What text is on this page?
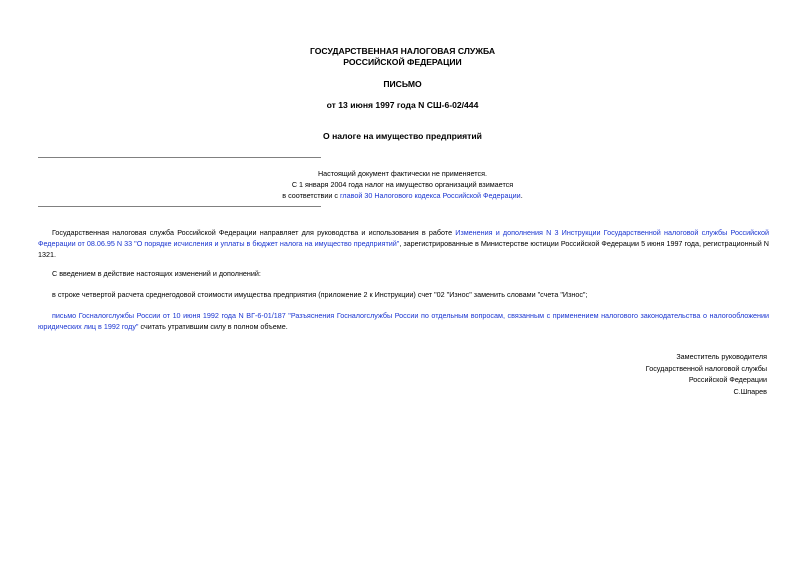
ГОСУДАРСТВЕННАЯ НАЛОГОВАЯ СЛУЖБА
РОССИЙСКОЙ ФЕДЕРАЦИИ
ПИСЬМО
от 13 июня 1997 года N СШ-6-02/444
О налоге на имущество предприятий
Настоящий документ фактически не применяется.
С 1 января 2004 года налог на имущество организаций взимается
в соответствии с главой 30 Налогового кодекса Российской Федерации.
Государственная налоговая служба Российской Федерации направляет для руководства и использования в работе Изменения и дополнения N 3 Инструкции Государственной налоговой службы Российской Федерации от 08.06.95 N 33 "О порядке исчисления и уплаты в бюджет налога на имущество предприятий", зарегистрированные в Министерстве юстиции Российской Федерации 5 июня 1997 года, регистрационный N 1321.
С введением в действие настоящих изменений и дополнений:
в строке четвертой расчета среднегодовой стоимости имущества предприятия (приложение 2 к Инструкции) счет "02 "Износ" заменить словами "счета "Износ";
письмо Госналогслужбы России от 10 июня 1992 года N ВГ-6-01/187 "Разъяснения Госналогслужбы России по отдельным вопросам, связанным с применением налогового законодательства о налогообложении юридических лиц в 1992 году" считать утратившим силу в полном объеме.
Заместитель руководителя
Государственной налоговой службы
Российской Федерации
С.Шпарев
